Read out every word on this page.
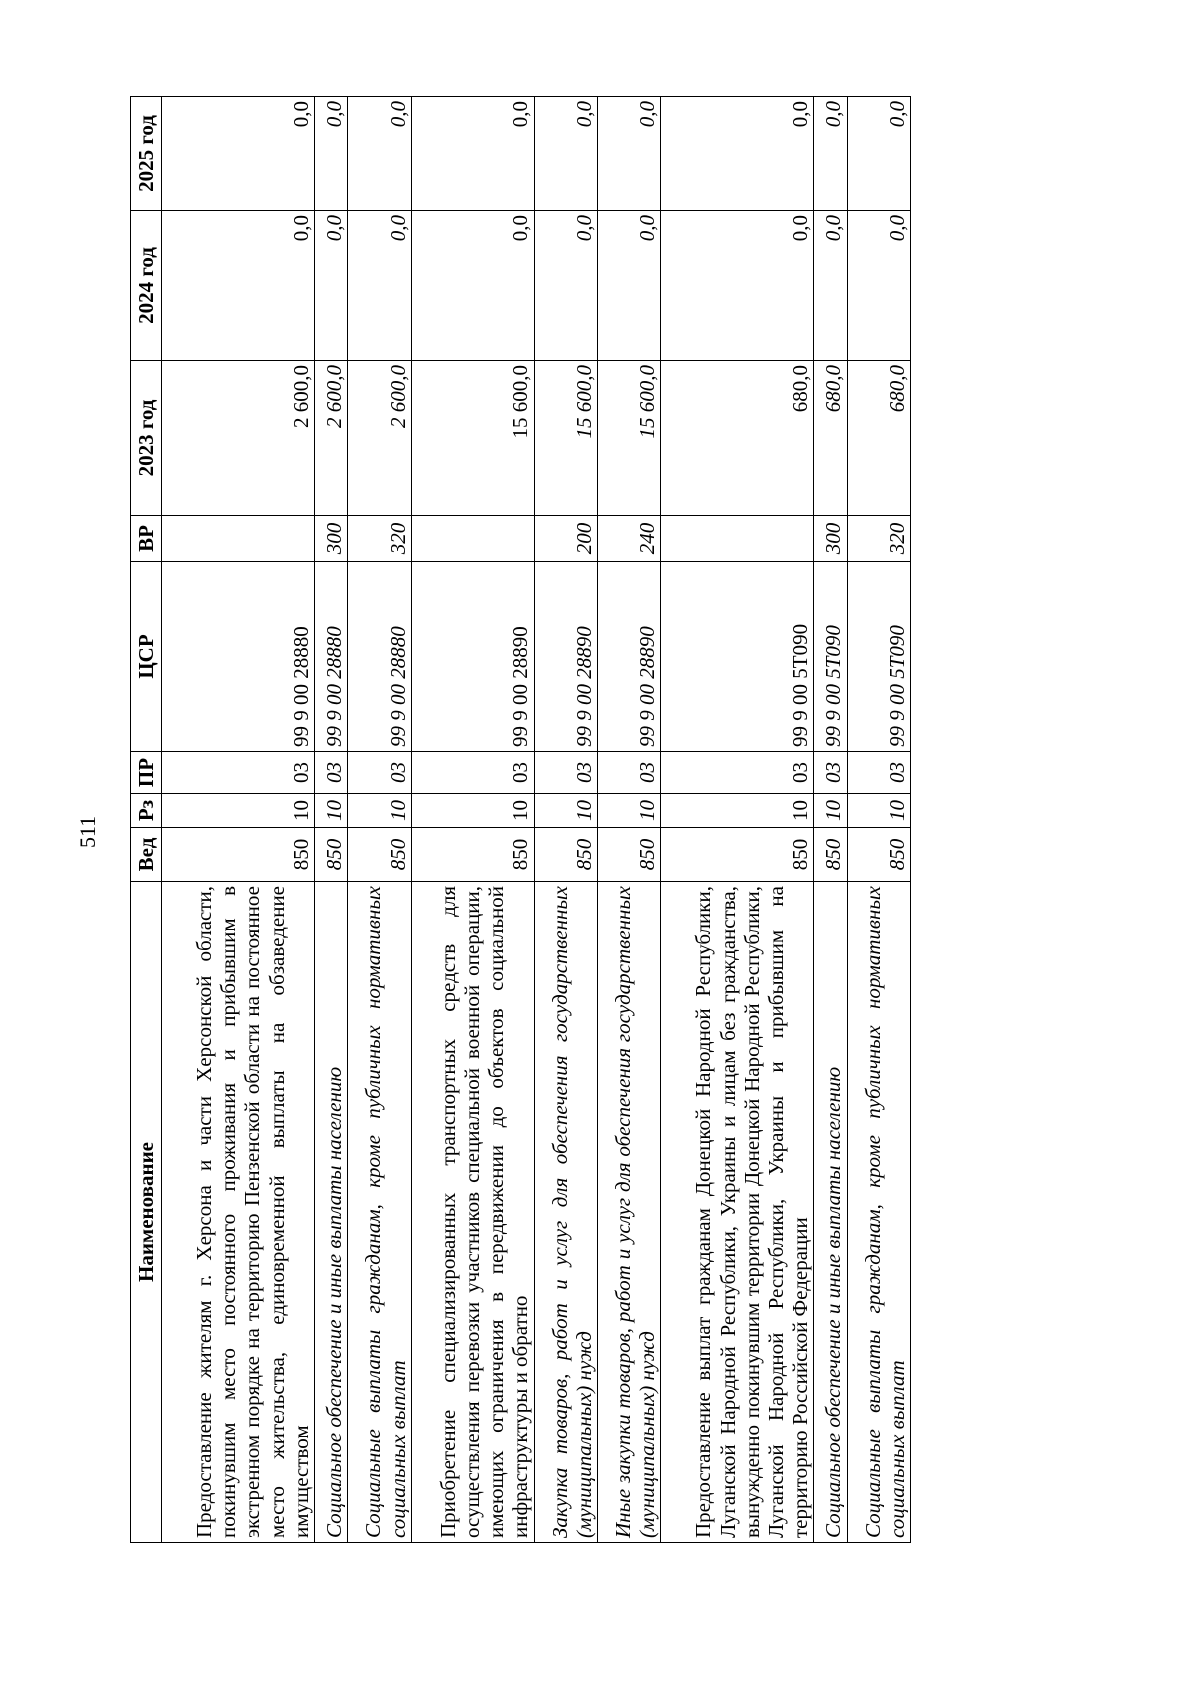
511
Наименование	Вед	Рз	ПР	ЦСР	ВР	2023 год	2024 год	2025 год
Предоставление жителям г. Херсона и части Херсонской области, покинувшим место постоянного проживания и прибывшим в экстренном порядке на территорию Пензенской области на постоянное место жительства, единовременной выплаты на обзаведение имуществом	850	10	03	99 9 00 28880		2 600,0	0,0	0,0
Социальное обеспечение и иные выплаты населению	850	10	03	99 9 00 28880	300	2 600,0	0,0	0,0
Социальные выплаты гражданам, кроме публичных нормативных социальных выплат	850	10	03	99 9 00 28880	320	2 600,0	0,0	0,0
Приобретение специализированных транспортных средств для осуществления перевозки участников специальной военной операции, имеющих ограничения в передвижении до объектов социальной инфраструктуры и обратно	850	10	03	99 9 00 28890		15 600,0	0,0	0,0
Закупка товаров, работ и услуг для обеспечения государственных (муниципальных) нужд	850	10	03	99 9 00 28890	200	15 600,0	0,0	0,0
Иные закупки товаров, работ и услуг для обеспечения государственных (муниципальных) нужд	850	10	03	99 9 00 28890	240	15 600,0	0,0	0,0
Предоставление выплат гражданам Донецкой Народной Республики, Луганской Народной Республики, Украины и лицам без гражданства, вынужденно покинувшим территории Донецкой Народной Республики, Луганской Народной Республики, Украины и прибывшим на территорию Российской Федерации	850	10	03	99 9 00 5T090		680,0	0,0	0,0
Социальное обеспечение и иные выплаты населению	850	10	03	99 9 00 5T090	300	680,0	0,0	0,0
Социальные выплаты гражданам, кроме публичных нормативных социальных выплат	850	10	03	99 9 00 5T090	320	680,0	0,0	0,0
